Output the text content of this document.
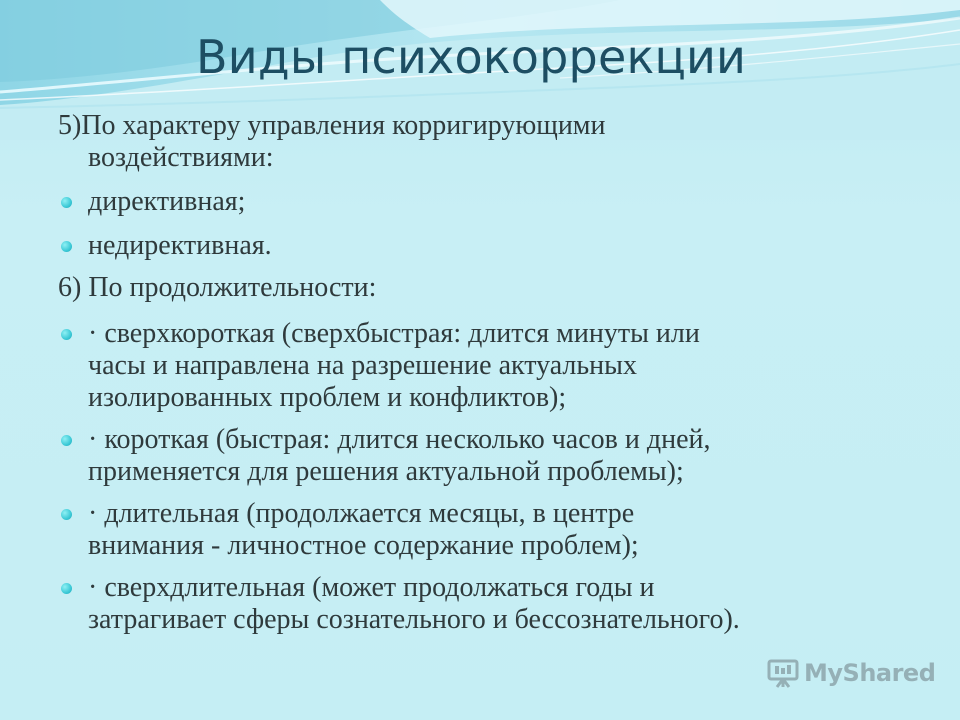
Виды психокоррекции
5)По характеру управления корригирующими
воздействиями:
директивная;
недирективная.
6) По продолжительности:
· сверхкороткая (сверхбыстрая: длится минуты или
часы и направлена на разрешение актуальных
изолированных проблем и конфликтов);
· короткая (быстрая: длится несколько часов и дней,
применяется для решения актуальной проблемы);
· длительная (продолжается месяцы, в центре
внимания - личностное содержание проблем);
· сверхдлительная (может продолжаться годы и
затрагивает сферы сознательного и бессознательного).
MyShared
